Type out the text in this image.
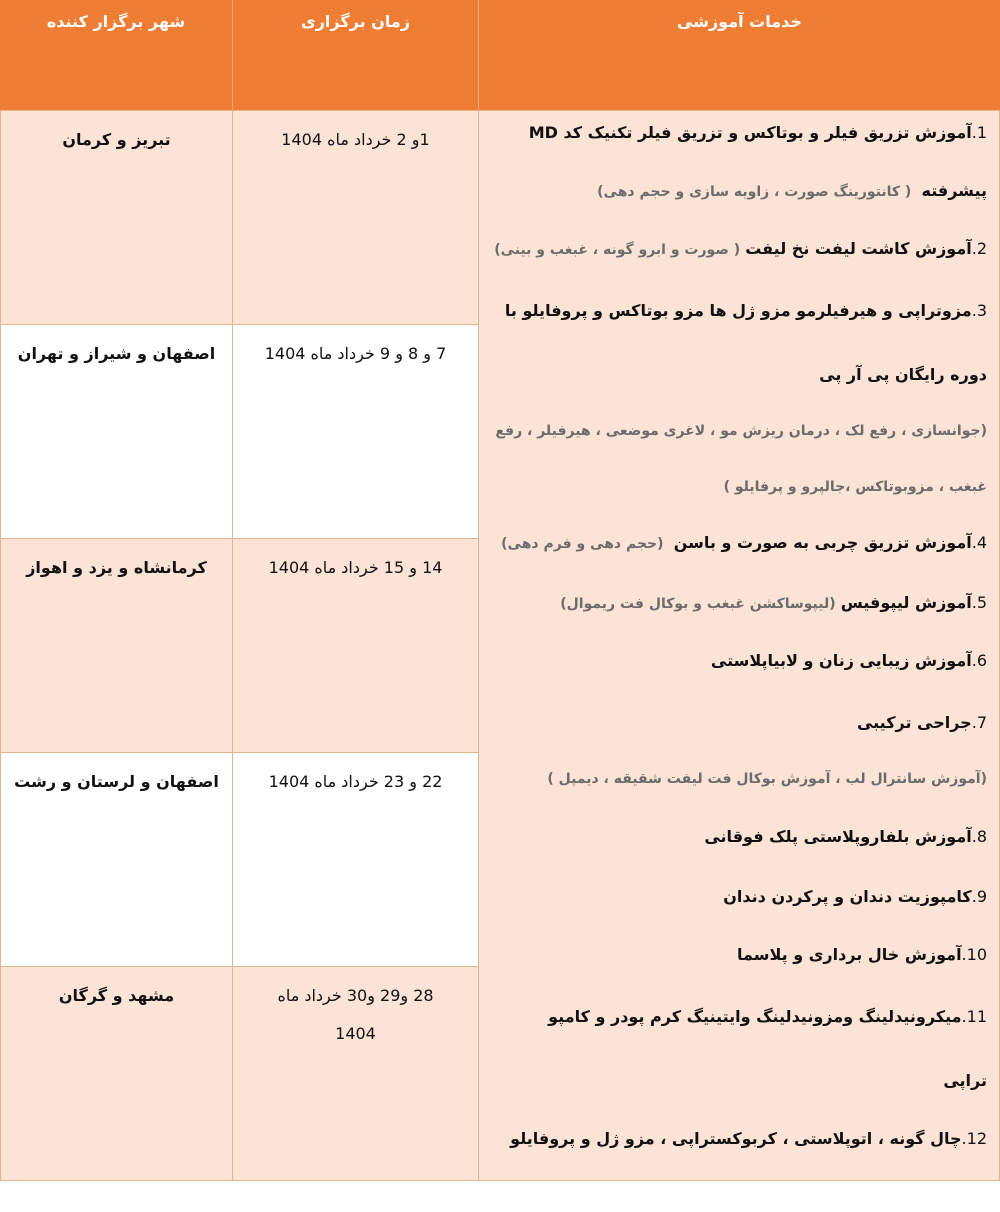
شهر برگزار کننده	زمان برگزاری	خدمات آموزشی
تبریز و کرمان
اصفهان و شیراز و تهران
کرمانشاه و یزد و اهواز
اصفهان و لرستان و رشت
مشهد و گرگان
1و 2 خرداد ماه 1404
7 و 8 و 9 خرداد ماه 1404
14 و 15 خرداد ماه 1404
22 و 23 خرداد ماه 1404
28 و29 و30 خرداد ماه 1404
1.آموزش تزریق فیلر و بوتاکس و تزریق فیلر تکنیک کد MD
پیشرفته  ( کانتورینگ صورت ، زاویه سازی و حجم دهی)
2.آموزش کاشت لیفت نخ لیفت ( صورت و ابرو گونه ، غبغب و بینی)
3.مزوتراپی و هیرفیلرمو مزو ژل ها مزو بوتاکس و پروفایلو با
دوره رایگان پی آر پی
(جوانسازی ، رفع لک ، درمان ریزش مو ، لاغری موضعی ، هیرفیلر ، رفع
غبغب ، مزوبوتاکس ،جالپرو و پرفایلو )
4.آموزش تزریق چربی به صورت و باسن  (حجم دهی و فرم دهی)
5.آموزش لیپوفیس (لیپوساکشن غبغب و بوکال فت ریموال)
6.آموزش زیبایی زنان و لابیاپلاستی
7.جراحی ترکیبی
(آموزش سانترال لب ، آموزش بوکال فت لیفت شقیقه ، دیمپل )
8.آموزش بلفاروپلاستی پلک فوقانی
9.کامپوزیت دندان و پرکردن دندان
10.آموزش خال برداری و پلاسما
11.میکرونیدلینگ ومزونیدلینگ وایتینیگ کرم پودر و کامپو
تراپی
12.چال گونه ، اتوپلاستی ، کربوکستراپی ، مزو ژل و پروفایلو
